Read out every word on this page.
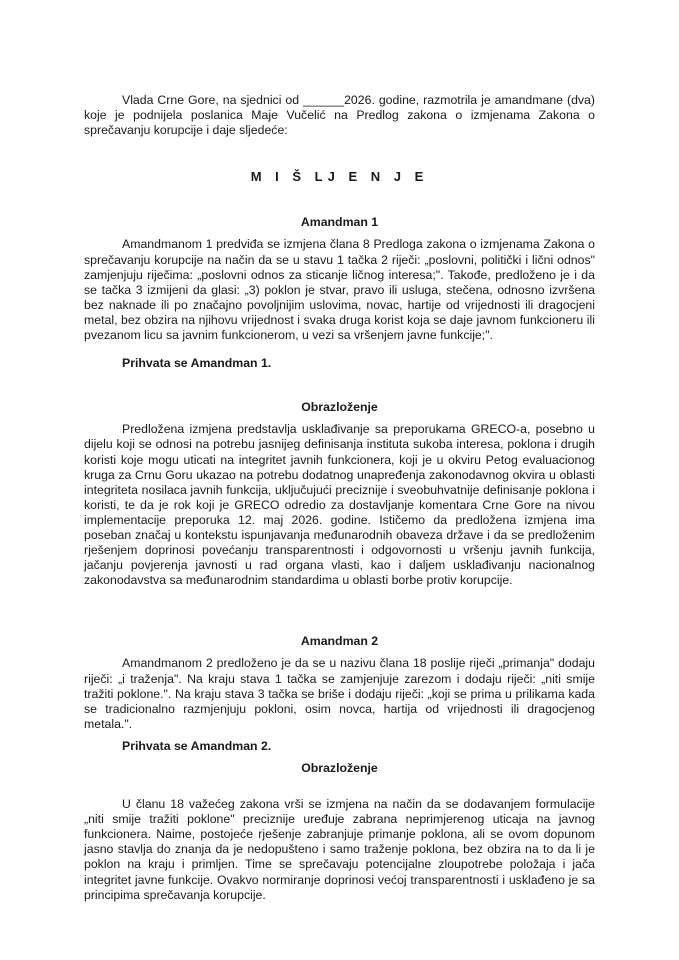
Vlada Crne Gore, na sjednici od ______2026. godine, razmotrila je amandmane (dva) koje je podnijela poslanica Maje Vučelić na Predlog zakona o izmjenama Zakona o sprečavanju korupcije i daje sljedeće:

M I Š LJ E N J E

Amandman 1

Amandmanom 1 predviđa se izmjena člana 8 Predloga zakona o izmjenama Zakona o sprečavanju korupcije na način da se u stavu 1 tačka 2 riječi: „poslovni, politički i lični odnos" zamjenjuju riječima: „poslovni odnos za sticanje ličnog interesa;". Takođe, predloženo je i da se tačka 3 izmijeni da glasi: „3) poklon je stvar, pravo ili usluga, stečena, odnosno izvršena bez naknade ili po značajno povoljnijim uslovima, novac, hartije od vrijednosti ili dragocjeni metal, bez obzira na njihovu vrijednost i svaka druga korist koja se daje javnom funkcioneru ili pvezanom licu sa javnim funkcionerom, u vezi sa vršenjem javne funkcije;".

Prihvata se Amandman 1.

Obrazloženje

Predložena izmjena predstavlja usklađivanje sa preporukama GRECO-a, posebno u dijelu koji se odnosi na potrebu jasnijeg definisanja instituta sukoba interesa, poklona i drugih koristi koje mogu uticati na integritet javnih funkcionera, koji je u okviru Petog evaluacionog kruga za Crnu Goru ukazao na potrebu dodatnog unapređenja zakonodavnog okvira u oblasti integriteta nosilaca javnih funkcija, uključujući preciznije i sveobuhvatnije definisanje poklona i koristi, te da je rok koji je GRECO odredio za dostavljanje komentara Crne Gore na nivou implementacije preporuka 12. maj 2026. godine. Ističemo da predložena izmjena ima poseban značaj u kontekstu ispunjavanja međunarodnih obaveza države i da se predloženim rješenjem doprinosi povećanju transparentnosti i odgovornosti u vršenju javnih funkcija, jačanju povjerenja javnosti u rad organa vlasti, kao i daljem usklađivanju nacionalnog zakonodavstva sa međunarodnim standardima u oblasti borbe protiv korupcije.

Amandman 2

Amandmanom 2 predloženo je da se u nazivu člana 18 poslije riječi „primanja" dodaju riječi: „i traženja". Na kraju stava 1 tačka se zamjenjuje zarezom i dodaju riječi: „niti smije tražiti poklone.". Na kraju stava 3 tačka se briše i dodaju riječi: „koji se prima u prilikama kada se tradicionalno razmjenjuju pokloni, osim novca, hartija od vrijednosti ili dragocjenog metala.".

Prihvata se Amandman 2.

Obrazloženje

U članu 18 važećeg zakona vrši se izmjena na način da se dodavanjem formulacije „niti smije tražiti poklone" preciznije uređuje zabrana neprimjerenog uticaja na javnog funkcionera. Naime, postojeće rješenje zabranjuje primanje poklona, ali se ovom dopunom jasno stavlja do znanja da je nedopušteno i samo traženje poklona, bez obzira na to da li je poklon na kraju i primljen. Time se sprečavaju potencijalne zloupotrebe položaja i jača integritet javne funkcije. Ovakvo normiranje doprinosi većoj transparentnosti i usklađeno je sa principima sprečavanja korupcije.
